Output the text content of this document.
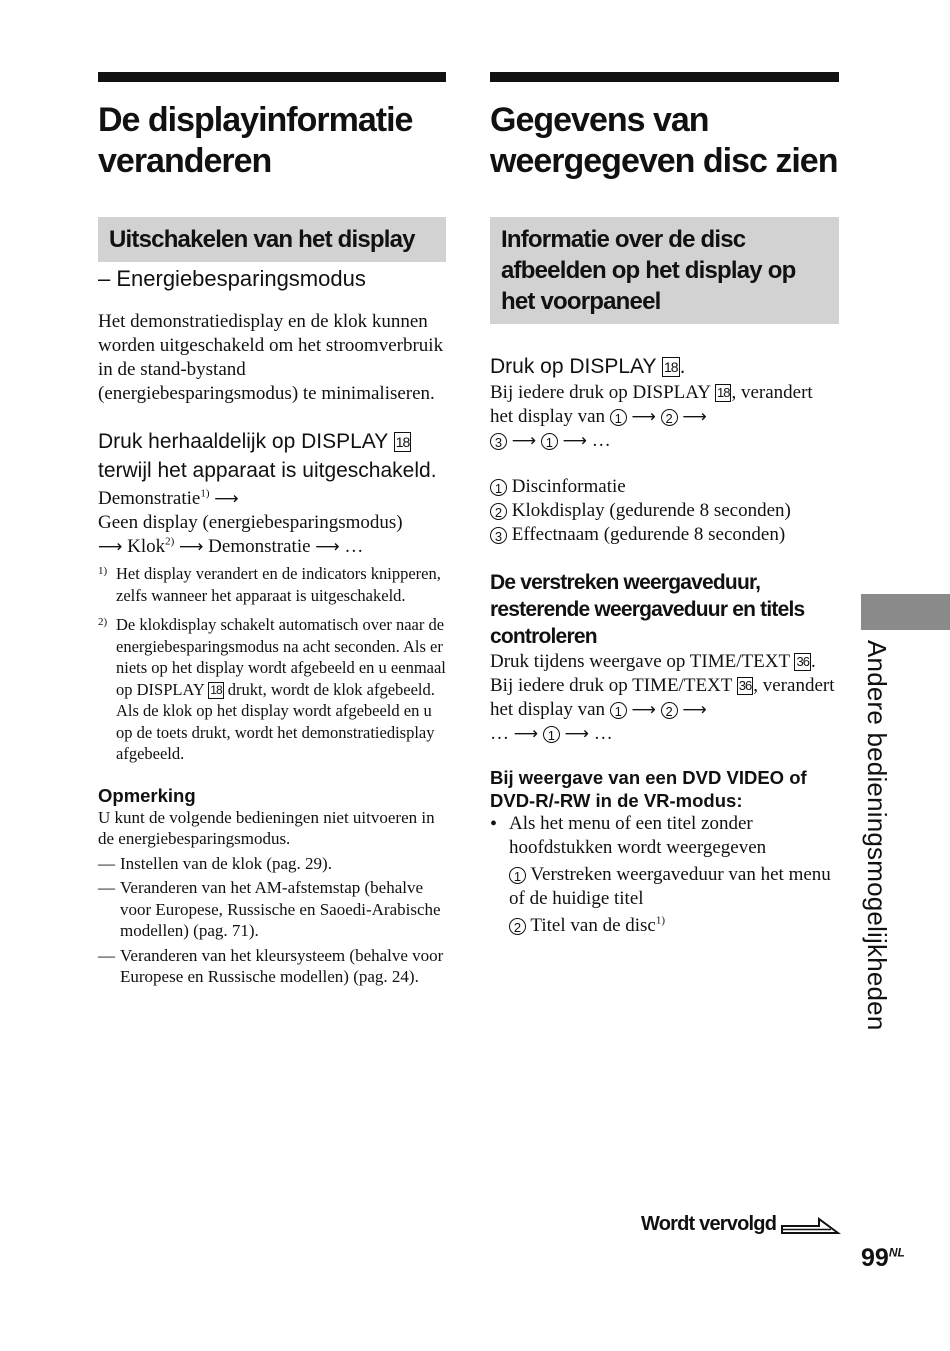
De displayinformatie veranderen
Uitschakelen van het display
– Energiebesparingsmodus
Het demonstratiedisplay en de klok kunnen worden uitgeschakeld om het stroomverbruik in de stand-bystand (energiebesparingsmodus) te minimaliseren.
Druk herhaaldelijk op DISPLAY 18 terwijl het apparaat is uitgeschakeld.
Demonstratie$^{1)}$ ⟶
Geen display (energiebesparingsmodus)
⟶ Klok$^{2)}$ ⟶ Demonstratie ⟶ …
1) Het display verandert en de indicators knipperen, zelfs wanneer het apparaat is uitgeschakeld.
2) De klokdisplay schakelt automatisch over naar de energiebesparingsmodus na acht seconden. Als er niets op het display wordt afgebeeld en u eenmaal op DISPLAY 18 drukt, wordt de klok afgebeeld. Als de klok op het display wordt afgebeeld en u op de toets drukt, wordt het demonstratiedisplay afgebeeld.
Opmerking
U kunt de volgende bedieningen niet uitvoeren in de energiebesparingsmodus.
— Instellen van de klok (pag. 29).
— Veranderen van het AM-afstemstap (behalve voor Europese, Russische en Saoedi-Arabische modellen) (pag. 71).
— Veranderen van het kleursysteem (behalve voor Europese en Russische modellen) (pag. 24).
Gegevens van weergegeven disc zien
Informatie over de disc afbeelden op het display op het voorpaneel
Druk op DISPLAY 18.
Bij iedere druk op DISPLAY 18 , verandert het display van 1 ⟶ 2 ⟶
3 ⟶ 1 ⟶ …
1 Discinformatie
2 Klokdisplay (gedurende 8 seconden)
3 Effectnaam (gedurende 8 seconden)
De verstreken weergaveduur, resterende weergaveduur en titels controleren
Druk tijdens weergave op TIME/TEXT 36 .
Bij iedere druk op TIME/TEXT 36 , verandert het display van 1 ⟶ 2 ⟶
… ⟶ 1 ⟶ …
Bij weergave van een DVD VIDEO of DVD-R/-RW in de VR-modus:
• Als het menu of een titel zonder hoofdstukken wordt weergegeven
1 Verstreken weergaveduur van het menu of de huidige titel
2 Titel van de disc$^{1)}$	Andere bedieningsmogelijkheden
Wordt vervolgd
$99^{NL}$
